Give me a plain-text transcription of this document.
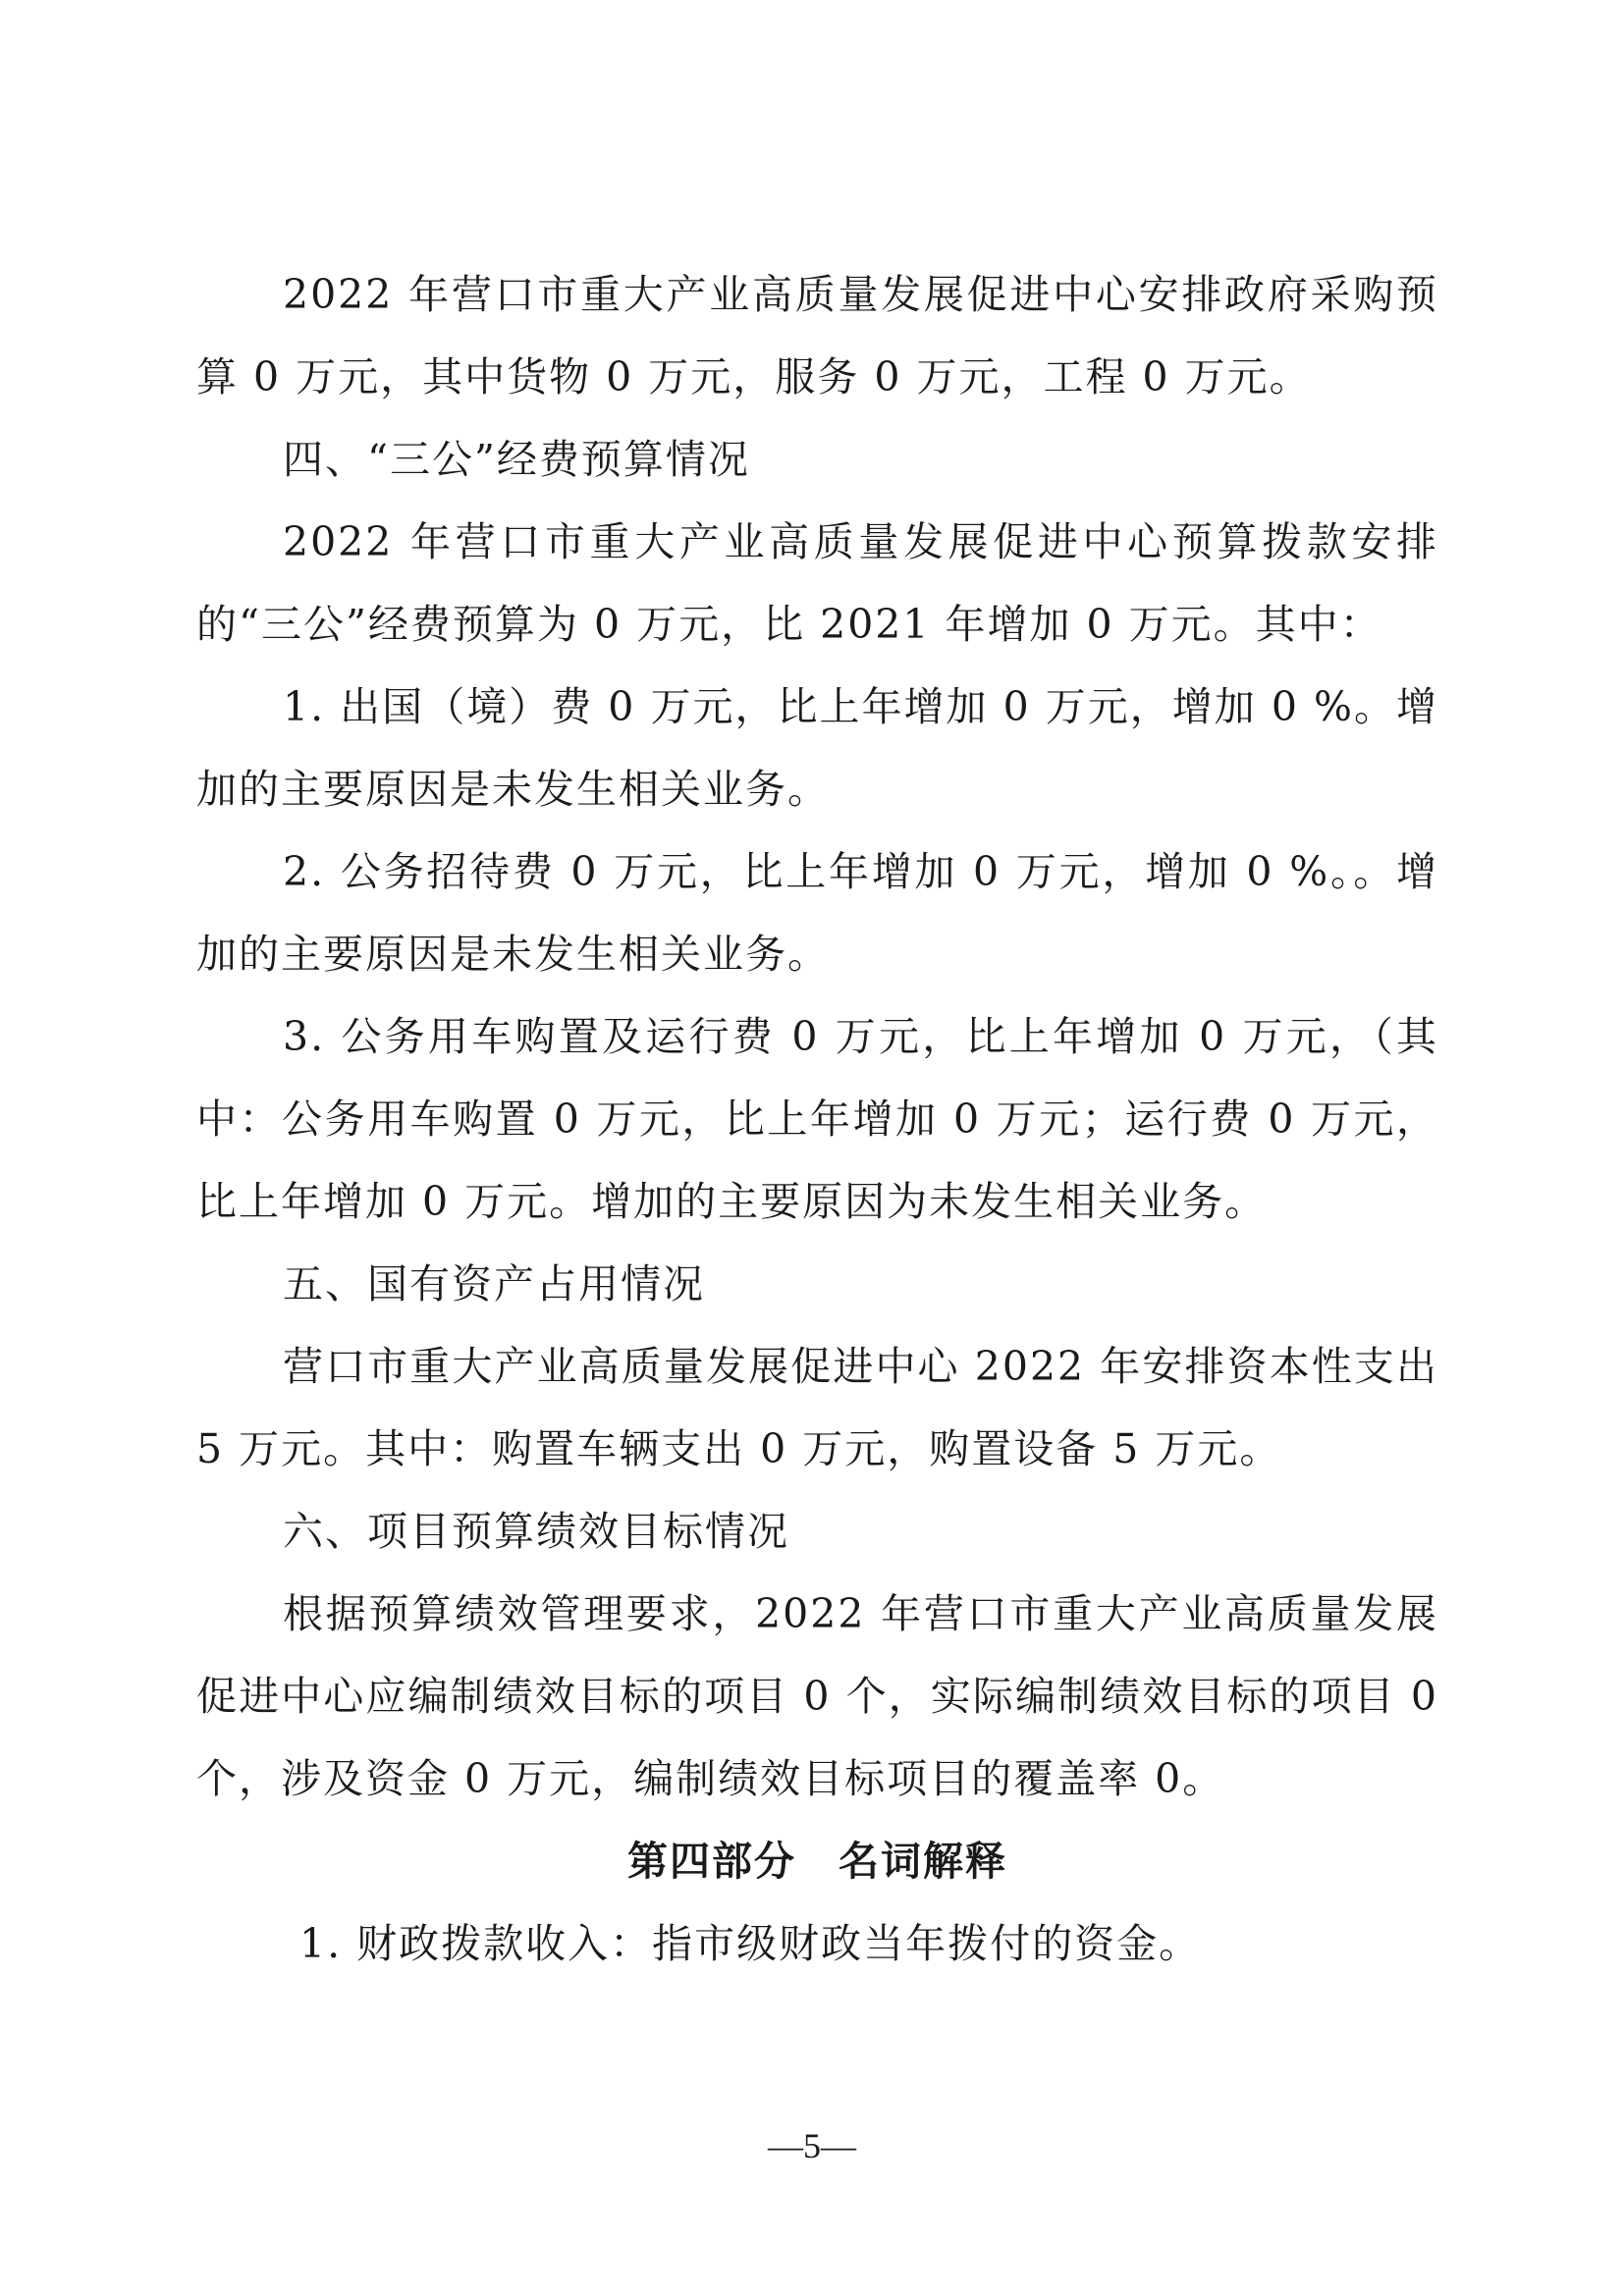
2022 年营口市重大产业高质量发展促进中心安排政府采购预算 0 万元，其中货物 0 万元，服务 0 万元，工程 0 万元。

四、“三公”经费预算情况

2022 年营口市重大产业高质量发展促进中心预算拨款安排的“三公”经费预算为 0 万元，比 2021 年增加 0 万元。其中：

1. 出国（境）费 0 万元，比上年增加 0 万元，增加 0 %。增加的主要原因是未发生相关业务。

2. 公务招待费 0 万元，比上年增加 0 万元，增加 0 %。。增加的主要原因是未发生相关业务。

3. 公务用车购置及运行费 0 万元，比上年增加 0 万元，（其中：公务用车购置 0 万元，比上年增加 0 万元；运行费 0 万元，比上年增加 0 万元。增加的主要原因为未发生相关业务。

五、国有资产占用情况

营口市重大产业高质量发展促进中心 2022 年安排资本性支出 5 万元。其中：购置车辆支出 0 万元，购置设备 5 万元。

六、项目预算绩效目标情况

根据预算绩效管理要求，2022 年营口市重大产业高质量发展促进中心应编制绩效目标的项目 0 个，实际编制绩效目标的项目 0 个，涉及资金 0 万元，编制绩效目标项目的覆盖率 0。

第四部分　名词解释

1. 财政拨款收入：指市级财政当年拨付的资金。

—5—
